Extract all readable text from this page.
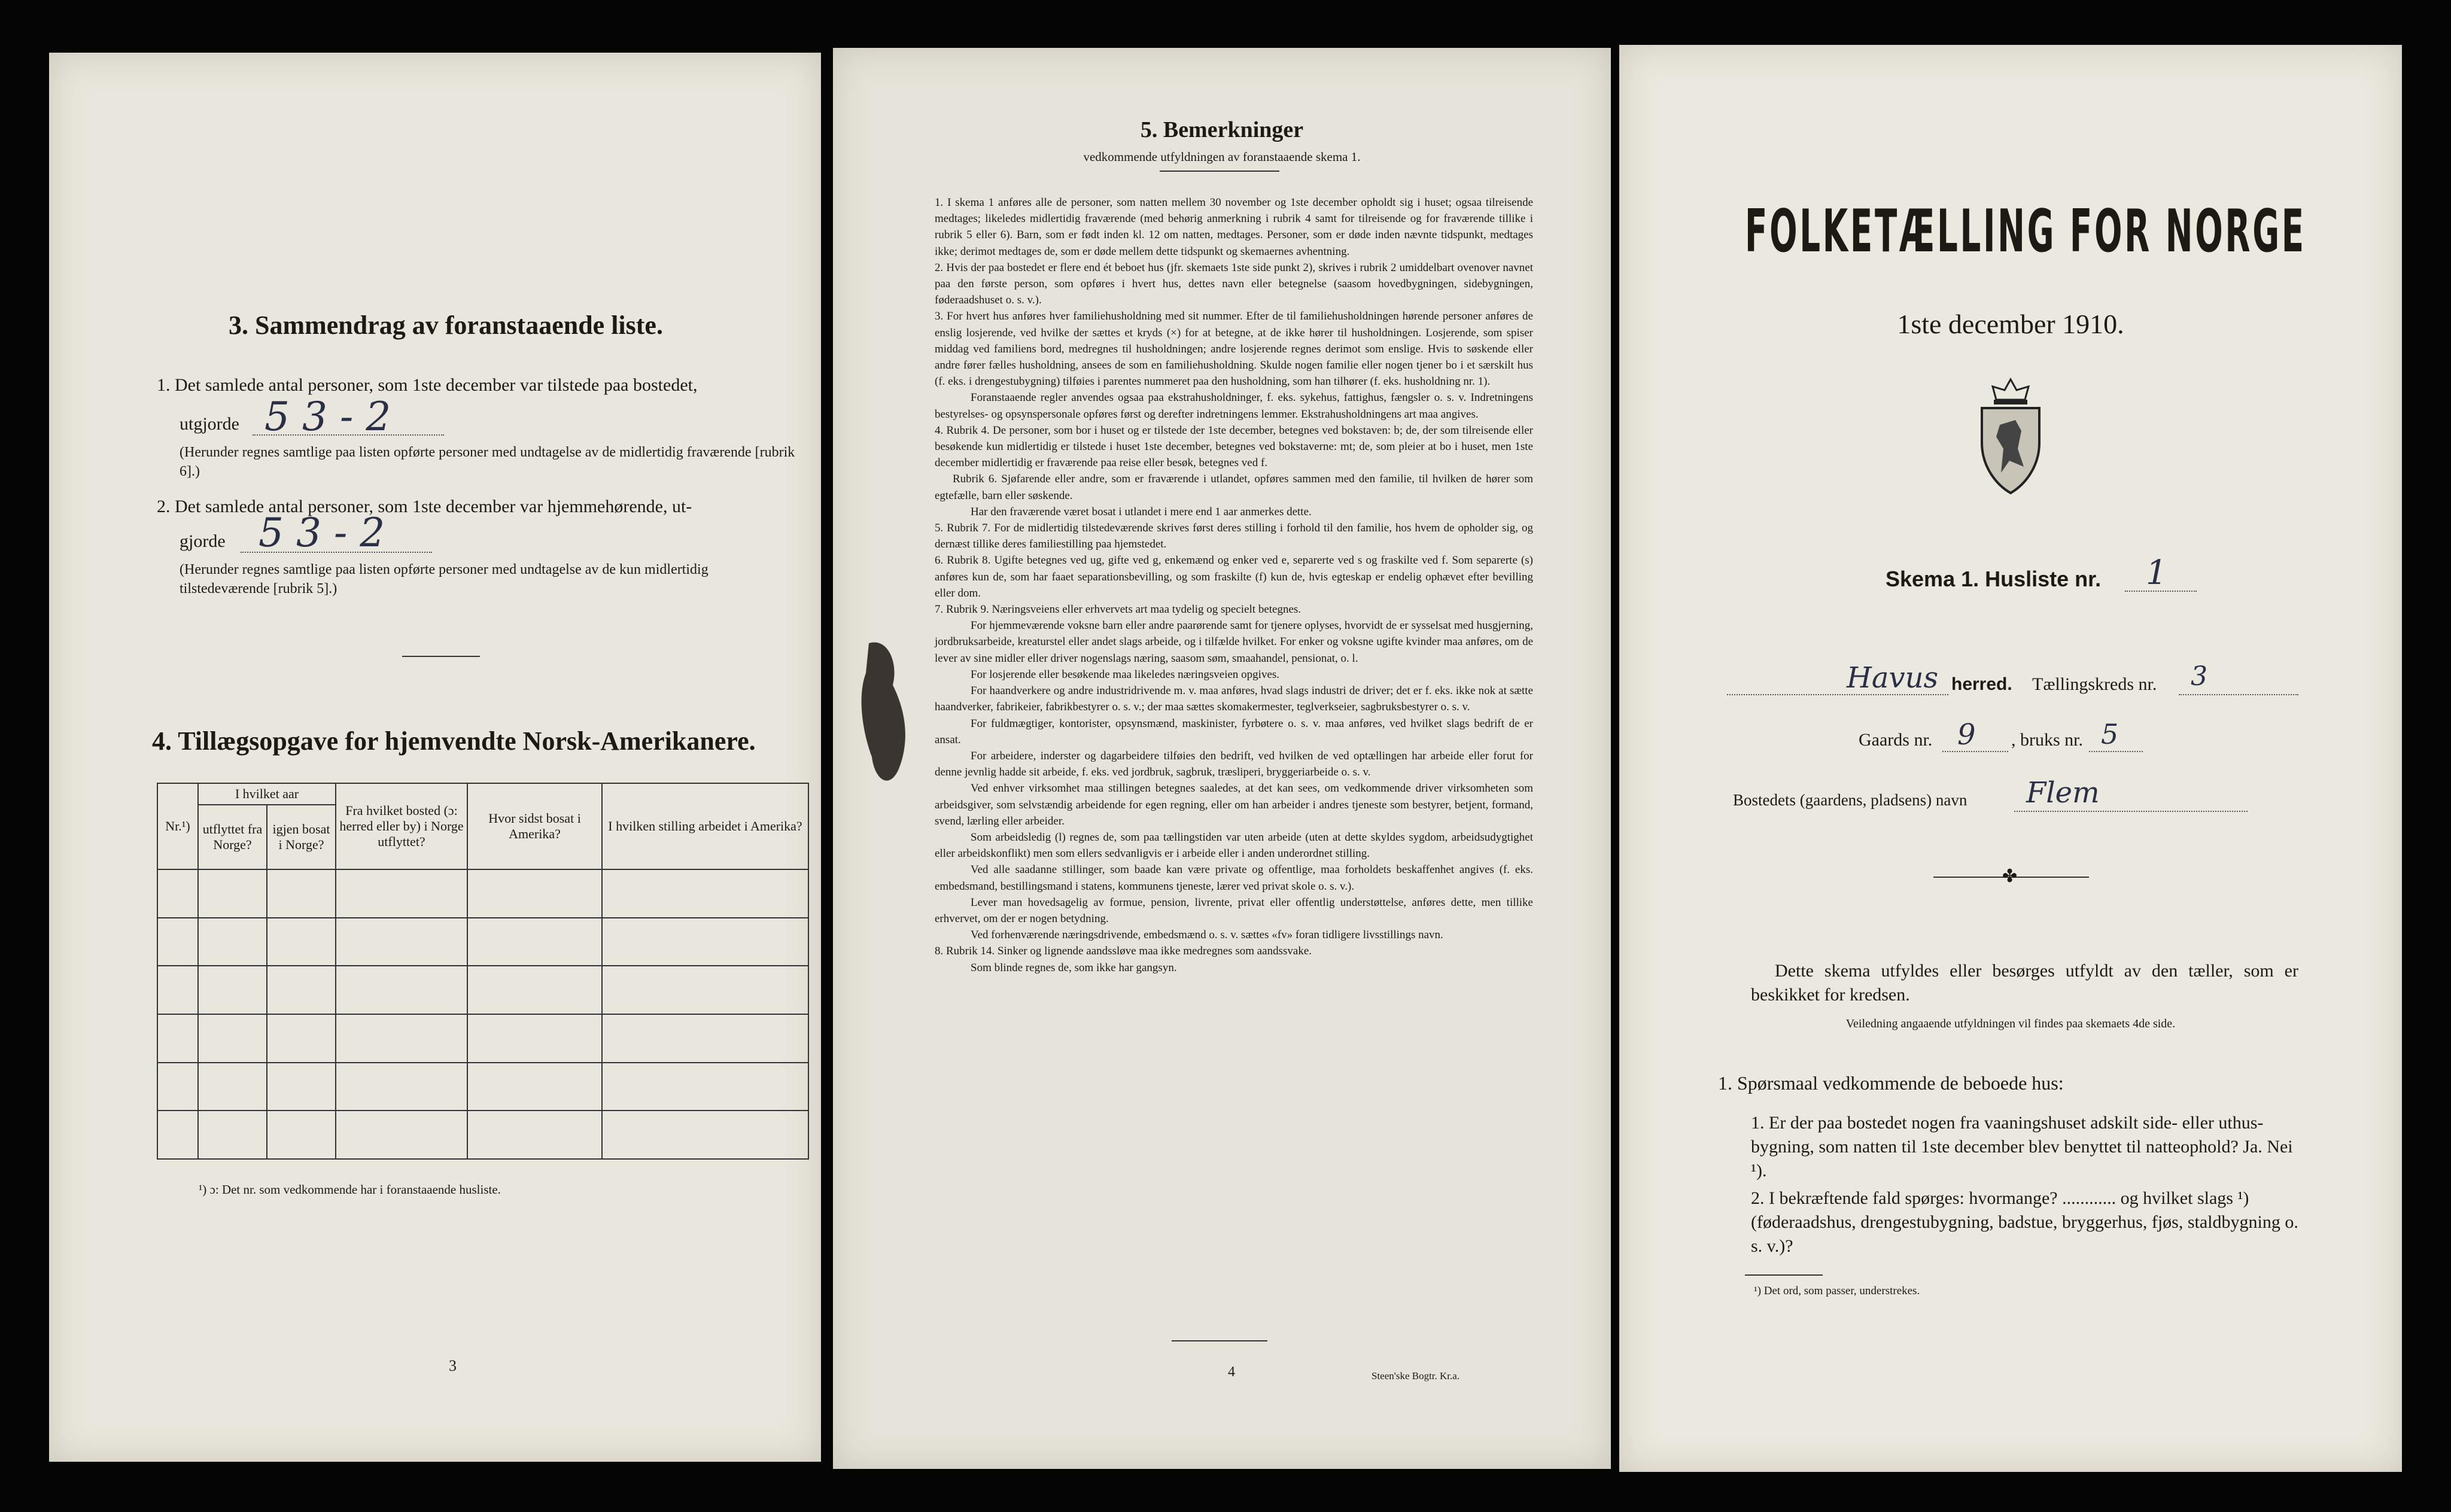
3. Sammendrag av foranstaaende liste.
1. Det samlede antal personer, som 1ste december var tilstede paa bostedet,
utgjorde 5 3 - 2
(Herunder regnes samtlige paa listen opførte personer med undtagelse av de midlertidig fraværende [rubrik 6].)
2. Det samlede antal personer, som 1ste december var hjemmehørende, ut-
gjorde 5 3 - 2
(Herunder regnes samtlige paa listen opførte personer med undtagelse av de kun midlertidig tilstedeværende [rubrik 5].)
4. Tillægsopgave for hjemvendte Norsk-Amerikanere.
Nr.¹)	I hvilket aar		Fra hvilket bosted (ɔ: herred eller by) i Norge utflyttet?	Hvor sidst bosat i Amerika?	I hvilken stilling arbeidet i Amerika?
	utflyttet fra Norge?	igjen bosat i Norge?			

¹) ɔ: Det nr. som vedkommende har i foranstaaende husliste.
3
5. Bemerkninger
vedkommende utfyldningen av foranstaaende skema 1.

1. I skema 1 anføres alle de personer, som natten mellem 30 november og 1ste december opholdt sig i huset; ogsaa tilreisende medtages; likeledes midlertidig fraværende (med behørig anmerkning i rubrik 4 samt for tilreisende og for fraværende tillike i rubrik 5 eller 6). Barn, som er født inden kl. 12 om natten, medtages. Personer, som er døde inden nævnte tidspunkt, medtages ikke; derimot medtages de, som er døde mellem dette tidspunkt og skemaernes avhentning.

2. Hvis der paa bostedet er flere end ét beboet hus (jfr. skemaets 1ste side punkt 2), skrives i rubrik 2 umiddelbart ovenover navnet paa den første person, som opføres i hvert hus, dettes navn eller betegnelse (saasom hovedbygningen, sidebygningen, føderaadshuset o. s. v.).

3. For hvert hus anføres hver familiehusholdning med sit nummer. Efter de til familiehusholdningen hørende personer anføres de enslig losjerende, ved hvilke der sættes et kryds (×) for at betegne, at de ikke hører til husholdningen. Losjerende, som spiser middag ved familiens bord, medregnes til husholdningen; andre losjerende regnes derimot som enslige. Hvis to søskende eller andre fører fælles husholdning, ansees de som en familiehusholdning. Skulde nogen familie eller nogen tjener bo i et særskilt hus (f. eks. i drengestubygning) tilføies i parentes nummeret paa den husholdning, som han tilhører (f. eks. husholdning nr. 1).

Foranstaaende regler anvendes ogsaa paa ekstrahusholdninger, f. eks. sykehus, fattighus, fængsler o. s. v. Indretningens bestyrelses- og opsynspersonale opføres først og derefter indretningens lemmer. Ekstrahusholdningens art maa angives.

4. Rubrik 4. De personer, som bor i huset og er tilstede der 1ste december, betegnes ved bokstaven: b; de, der som tilreisende eller besøkende kun midlertidig er tilstede i huset 1ste december, betegnes ved bokstaverne: mt; de, som pleier at bo i huset, men 1ste december midlertidig er fraværende paa reise eller besøk, betegnes ved f.

Rubrik 6. Sjøfarende eller andre, som er fraværende i utlandet, opføres sammen med den familie, til hvilken de hører som egtefælle, barn eller søskende.

Har den fraværende været bosat i utlandet i mere end 1 aar anmerkes dette.

5. Rubrik 7. For de midlertidig tilstedeværende skrives først deres stilling i forhold til den familie, hos hvem de opholder sig, og dernæst tillike deres familiestilling paa hjemstedet.

6. Rubrik 8. Ugifte betegnes ved ug, gifte ved g, enkemænd og enker ved e, separerte ved s og fraskilte ved f. Som separerte (s) anføres kun de, som har faaet separationsbevilling, og som fraskilte (f) kun de, hvis egteskap er endelig ophævet efter bevilling eller dom.

7. Rubrik 9. Næringsveiens eller erhvervets art maa tydelig og specielt betegnes.

For hjemmeværende voksne barn eller andre paarørende samt for tjenere oplyses, hvorvidt de er sysselsat med husgjerning, jordbruksarbeide, kreaturstel eller andet slags arbeide, og i tilfælde hvilket. For enker og voksne ugifte kvinder maa anføres, om de lever av sine midler eller driver nogenslags næring, saasom søm, smaahandel, pensionat, o. l.

For losjerende eller besøkende maa likeledes næringsveien opgives.

For haandverkere og andre industridrivende m. v. maa anføres, hvad slags industri de driver; det er f. eks. ikke nok at sætte haandverker, fabrikeier, fabrikbestyrer o. s. v.; der maa sættes skomakermester, teglverkseier, sagbruksbestyrer o. s. v.

For fuldmægtiger, kontorister, opsynsmænd, maskinister, fyrbøtere o. s. v. maa anføres, ved hvilket slags bedrift de er ansat.

For arbeidere, inderster og dagarbeidere tilføies den bedrift, ved hvilken de ved optællingen har arbeide eller forut for denne jevnlig hadde sit arbeide, f. eks. ved jordbruk, sagbruk, træsliperi, bryggeriarbeide o. s. v.

Ved enhver virksomhet maa stillingen betegnes saaledes, at det kan sees, om vedkommende driver virksomheten som arbeidsgiver, som selvstændig arbeidende for egen regning, eller om han arbeider i andres tjeneste som bestyrer, betjent, formand, svend, lærling eller arbeider.

Som arbeidsledig (l) regnes de, som paa tællingstiden var uten arbeide (uten at dette skyldes sygdom, arbeidsudygtighet eller arbeidskonflikt) men som ellers sedvanligvis er i arbeide eller i anden underordnet stilling.

Ved alle saadanne stillinger, som baade kan være private og offentlige, maa forholdets beskaffenhet angives (f. eks. embedsmand, bestillingsmand i statens, kommunens tjeneste, lærer ved privat skole o. s. v.).

Lever man hovedsagelig av formue, pension, livrente, privat eller offentlig understøttelse, anføres dette, men tillike erhvervet, om der er nogen betydning.

Ved forhenværende næringsdrivende, embedsmænd o. s. v. sættes «fv» foran tidligere livsstillings navn.

8. Rubrik 14. Sinker og lignende aandssløve maa ikke medregnes som aandssvake.

Som blinde regnes de, som ikke har gangsyn.

4	Steen'ske Bogtr. Kr.a.
FOLKETÆLLING FOR NORGE
1ste december 1910.
Skema 1. Husliste nr. 1
Havus herred. Tællingskreds nr. 3
Gaards nr. 9 , bruks nr. 5
Bostedets (gaardens, pladsens) navn Flem
✤
Dette skema utfyldes eller besørges utfyldt av den tæller, som er beskikket for kredsen.
Veiledning angaaende utfyldningen vil findes paa skemaets 4de side.
1. Spørsmaal vedkommende de beboede hus:
1. Er der paa bostedet nogen fra vaaningshuset adskilt side- eller uthus-bygning, som natten til 1ste december blev benyttet til natteophold? Ja. Nei ¹).
2. I bekræftende fald spørges: hvormange? ............ og hvilket slags ¹) (føderaadshus, drengestubygning, badstue, bryggerhus, fjøs, staldbygning o. s. v.)?
¹) Det ord, som passer, understrekes.
